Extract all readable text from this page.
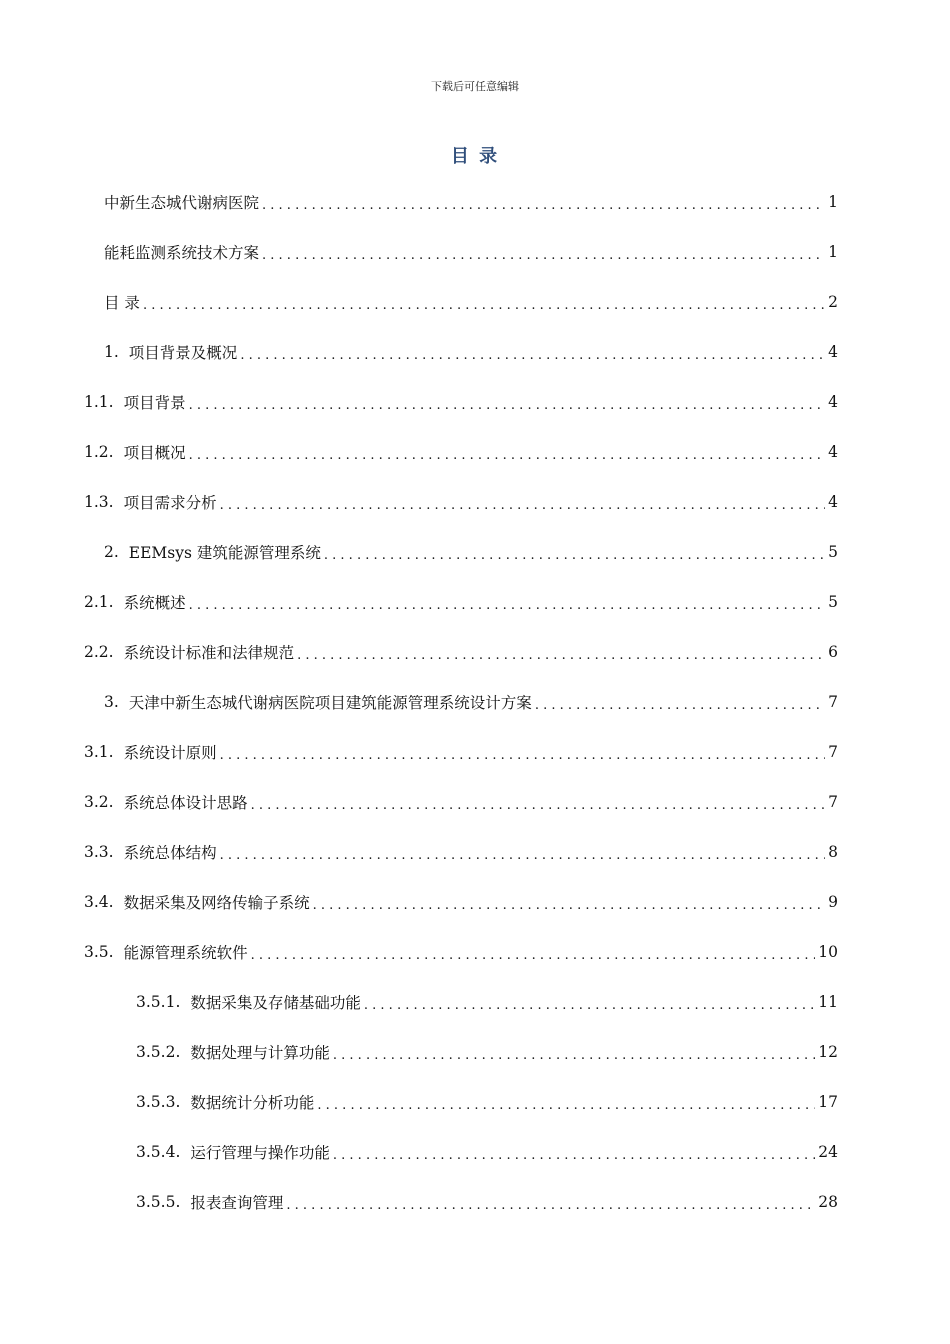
下载后可任意编辑
目 录
中新生态城代谢病医院 . . .	1
能耗监测系统技术方案 . . .	1
目 录 . . .	2
1. 项目背景及概况 . . .	4
1.1. 项目背景 . . .	4
1.2. 项目概况 . . .	4
1.3. 项目需求分析 . . .	4
2. EEMsys 建筑能源管理系统 . . .	5
2.1. 系统概述 . . .	5
2.2. 系统设计标准和法律规范 . . .	6
3. 天津中新生态城代谢病医院项目建筑能源管理系统设计方案 . . .	7
3.1. 系统设计原则 . . .	7
3.2. 系统总体设计思路 . . .	7
3.3. 系统总体结构 . . .	8
3.4. 数据采集及网络传输子系统 . . .	9
3.5. 能源管理系统软件 . . .	10
3.5.1. 数据采集及存储基础功能 . . .	11
3.5.2. 数据处理与计算功能 . . .	12
3.5.3. 数据统计分析功能 . . .	17
3.5.4. 运行管理与操作功能 . . .	24
3.5.5. 报表查询管理 . . .	28
